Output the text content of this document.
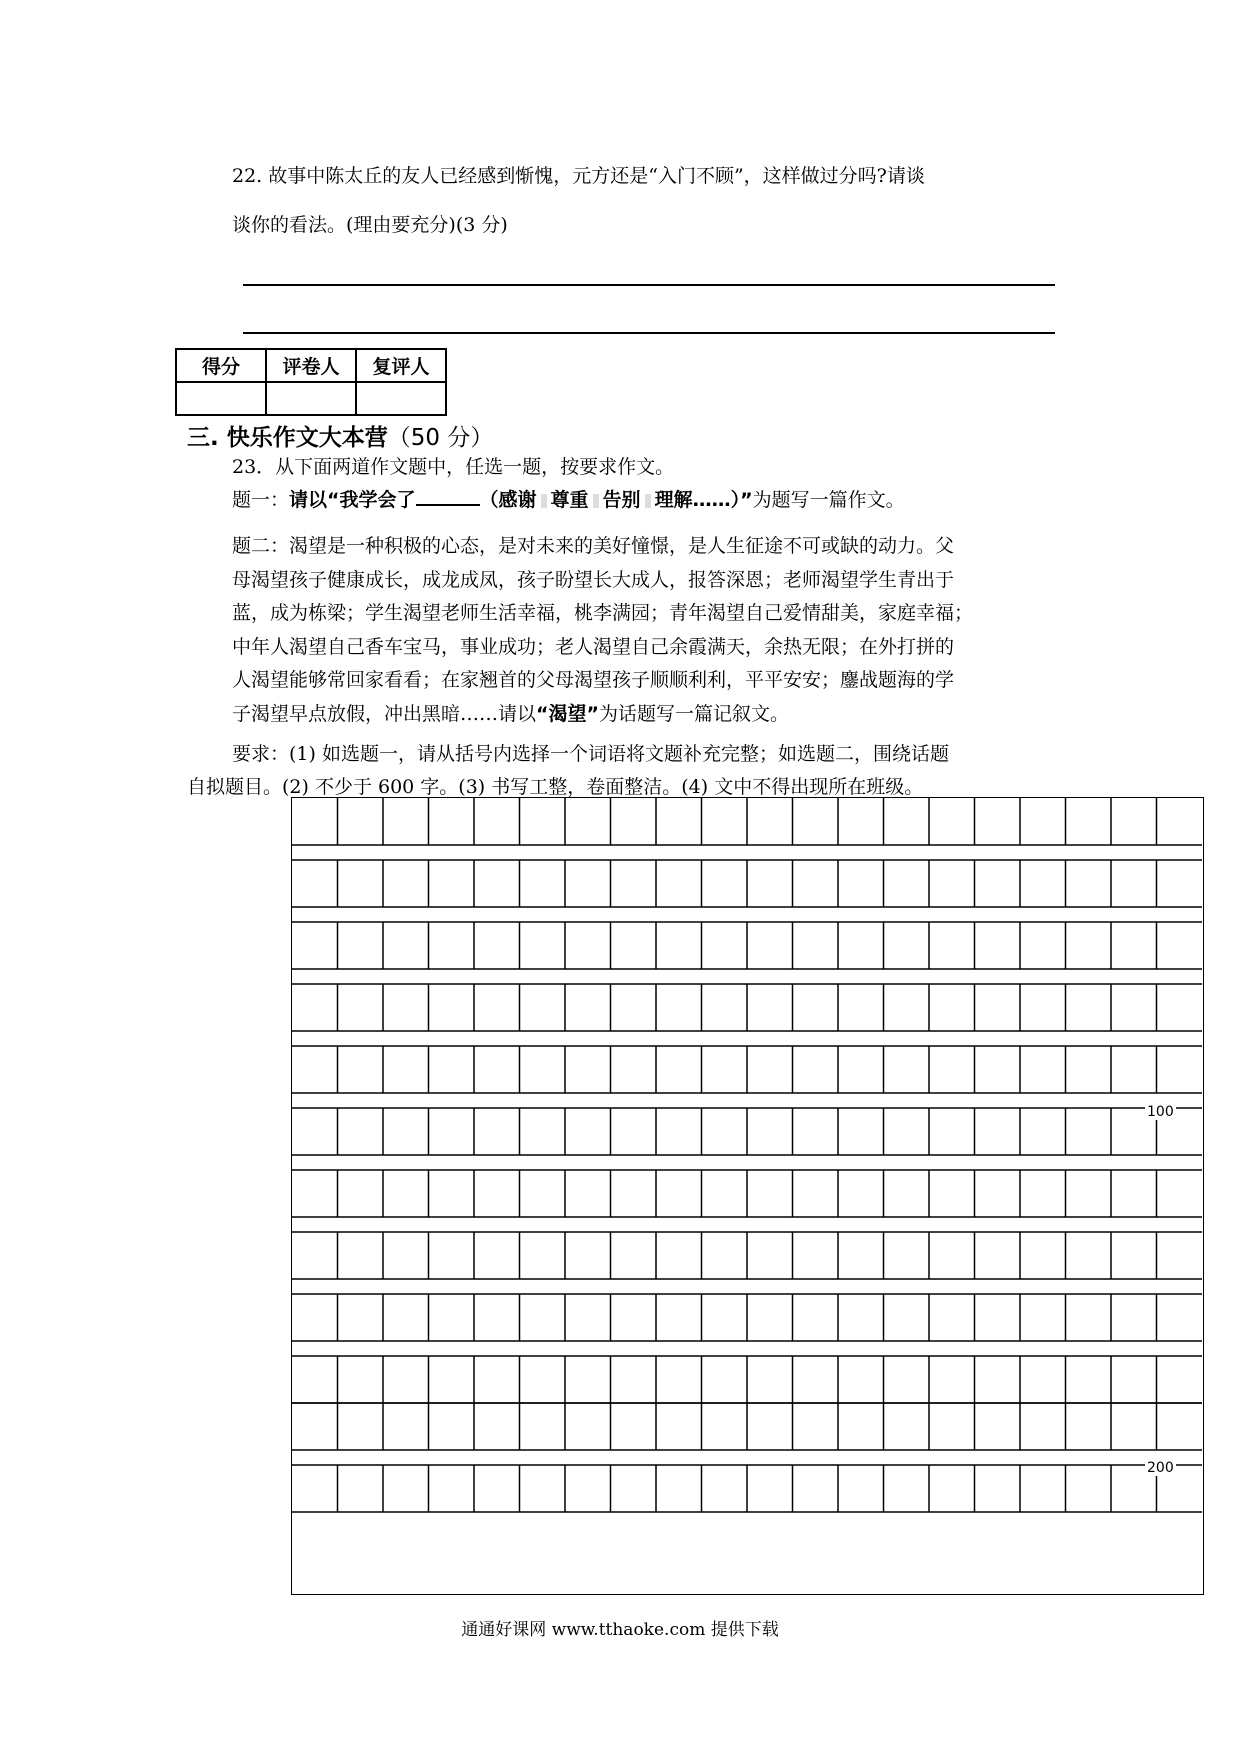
22. 故事中陈太丘的友人已经感到惭愧，元方还是“入门不顾”，这样做过分吗?请谈
谈你的看法。(理由要充分)(3 分)
得分	评卷人	复评人

三. 快乐作文大本营（50 分）
23．从下面两道作文题中，任选一题，按要求作文。
题一：请以“我学会了	（感谢 尊重 告别 理解……）”为题写一篇作文。
题二：渴望是一种积极的心态，是对未来的美好憧憬，是人生征途不可或缺的动力。父
母渴望孩子健康成长，成龙成凤，孩子盼望长大成人，报答深恩；老师渴望学生青出于
蓝，成为栋梁；学生渴望老师生活幸福，桃李满园；青年渴望自己爱情甜美，家庭幸福；
中年人渴望自己香车宝马，事业成功；老人渴望自己余霞满天，余热无限；在外打拼的
人渴望能够常回家看看；在家翘首的父母渴望孩子顺顺利利，平平安安；鏖战题海的学
子渴望早点放假，冲出黑暗……请以“渴望”为话题写一篇记叙文。
要求：(1) 如选题一，请从括号内选择一个词语将文题补充完整；如选题二，围绕话题
自拟题目。(2) 不少于 600 字。(3) 书写工整，卷面整洁。(4) 文中不得出现所在班级。
100
200
通通好课网 www.tthaoke.com 提供下载
